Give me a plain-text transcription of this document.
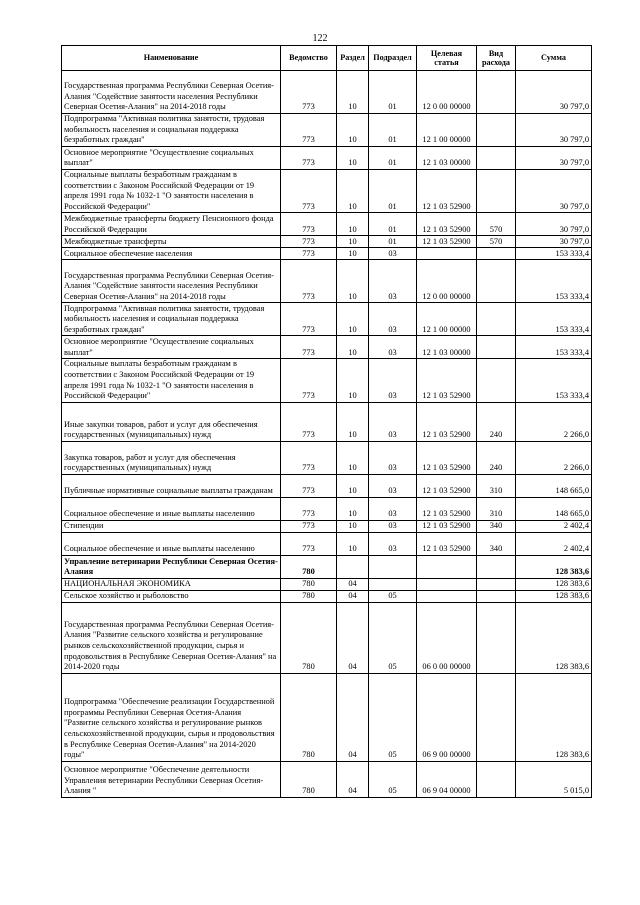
122
Наименование	Ведомство	Раздел	Подраздел	Целевая статья	Вид расхода	Сумма
Государственная программа Республики Северная Осетия-Алания "Содействие занятости населения Республики Северная Осетия-Алания" на 2014-2018 годы	773	10	01	12 0 00 00000		30 797,0
Подпрограмма "Активная политика занятости, трудовая мобильность населения и социальная поддержка безработных граждан"	773	10	01	12 1 00 00000		30 797,0
Основное мероприятие "Осуществление социальных выплат"	773	10	01	12 1 03 00000		30 797,0
Социальные выплаты безработным гражданам в соответствии с Законом Российской Федерации от 19 апреля 1991 года № 1032-1 "О занятости населения в Российской Федерации"	773	10	01	12 1 03 52900		30 797,0
Межбюджетные трансферты бюджету Пенсионного фонда Российской Федерации	773	10	01	12 1 03 52900	570	30 797,0
Межбюджетные трансферты	773	10	01	12 1 03 52900	570	30 797,0
Социальное обеспечение населения	773	10	03			153 333,4
Государственная программа Республики Северная Осетия-Алания "Содействие занятости населения Республики Северная Осетия-Алания" на 2014-2018 годы	773	10	03	12 0 00 00000		153 333,4
Подпрограмма "Активная политика занятости, трудовая мобильность населения и социальная поддержка безработных граждан"	773	10	03	12 1 00 00000		153 333,4
Основное мероприятие "Осуществление социальных выплат"	773	10	03	12 1 03 00000		153 333,4
Социальные выплаты безработным гражданам в соответствии с Законом Российской Федерации от 19 апреля 1991 года № 1032-1 "О занятости населения в Российской Федерации"	773	10	03	12 1 03 52900		153 333,4
Иные закупки товаров, работ и услуг для обеспечения государственных (муниципальных) нужд	773	10	03	12 1 03 52900	240	2 266,0
Закупка товаров, работ и услуг для обеспечения государственных (муниципальных) нужд	773	10	03	12 1 03 52900	240	2 266,0
Публичные нормативные социальные выплаты гражданам	773	10	03	12 1 03 52900	310	148 665,0
Социальное обеспечение и иные выплаты населению	773	10	03	12 1 03 52900	310	148 665,0
Стипендии	773	10	03	12 1 03 52900	340	2 402,4
Социальное обеспечение и иные выплаты населению	773	10	03	12 1 03 52900	340	2 402,4
Управление ветеринарии Республики Северная Осетия-Алания	780					128 383,6
НАЦИОНАЛЬНАЯ ЭКОНОМИКА	780	04				128 383,6
Сельское хозяйство и рыболовство	780	04	05			128 383,6
Государственная программа Республики Северная Осетия-Алания "Развитие сельского хозяйства и регулирование рынков сельскохозяйственной продукции, сырья и продовольствия в Республике Северная Осетия-Алания" на 2014-2020 годы	780	04	05	06 0 00 00000		128 383,6
Подпрограмма "Обеспечение реализации Государственной программы Республики Северная Осетия-Алания "Развитие сельского хозяйства и регулирование рынков сельскохозяйственной продукции, сырья и продовольствия в Республике Северная Осетия-Алания" на 2014-2020 годы"	780	04	05	06 9 00 00000		128 383,6
Основное мероприятие "Обеспечение деятельности Управления ветеринарии Республики Северная Осетия-Алания "	780	04	05	06 9 04 00000		5 015,0
